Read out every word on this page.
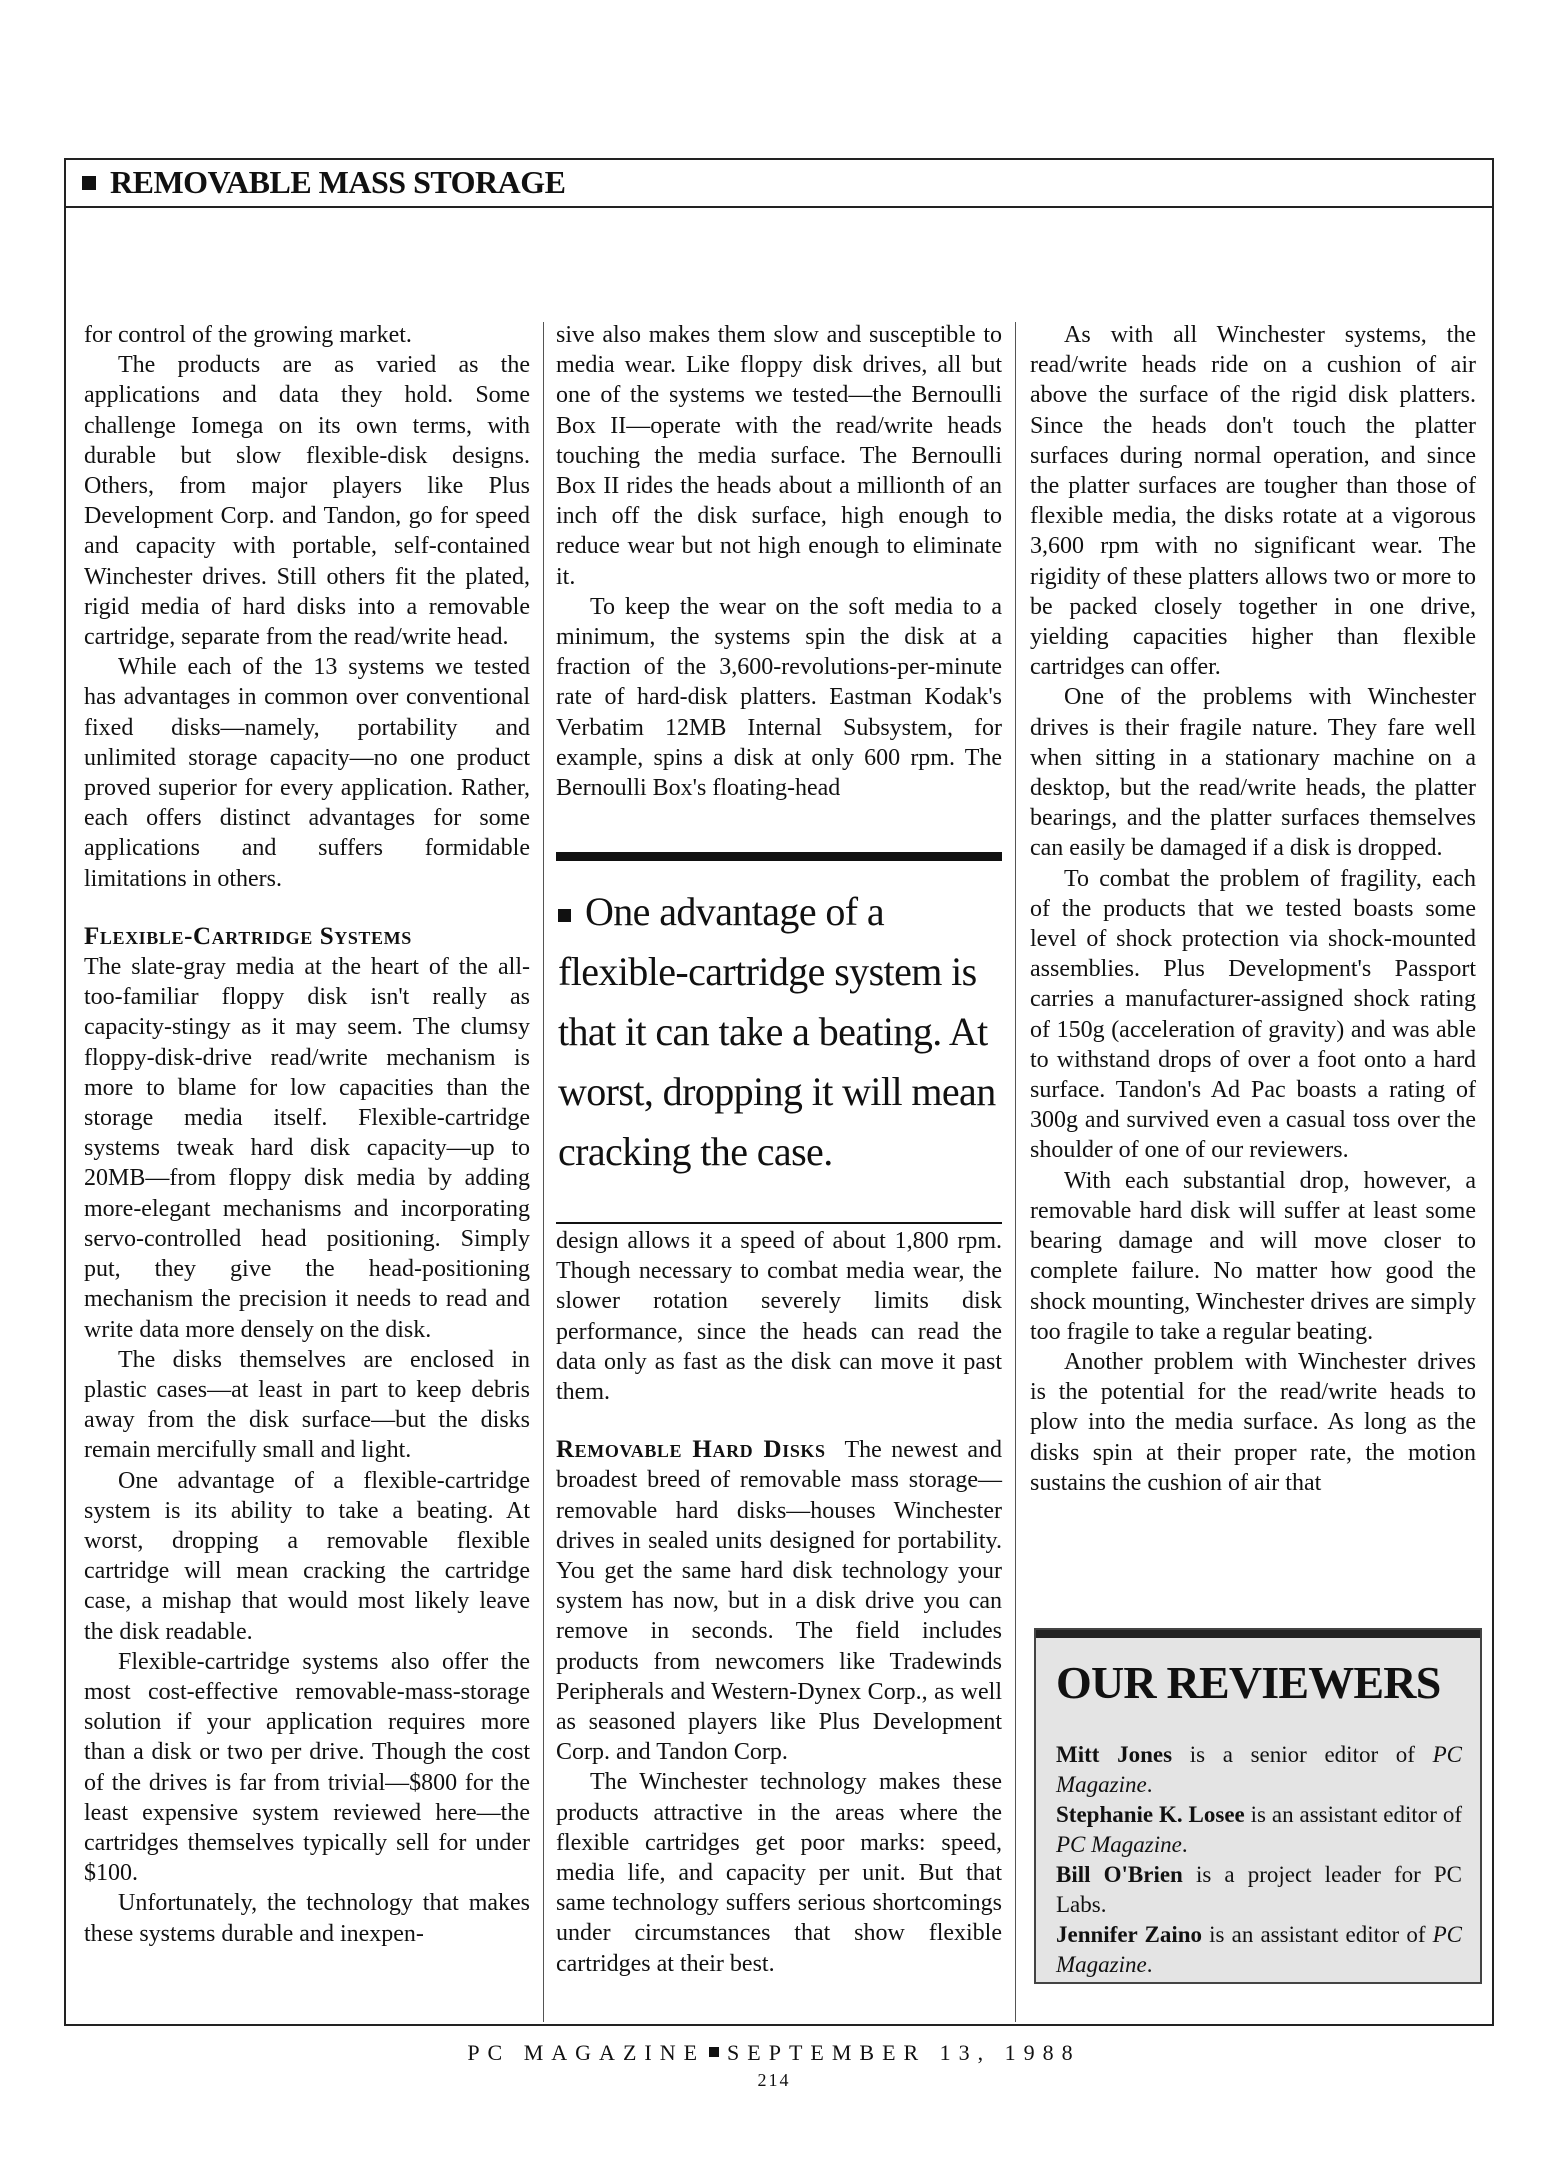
REMOVABLE MASS STORAGE

for control of the growing market.

The products are as varied as the applications and data they hold. Some challenge Iomega on its own terms, with durable but slow flexible-disk designs. Others, from major players like Plus Development Corp. and Tandon, go for speed and capacity with portable, self-contained Winchester drives. Still others fit the plated, rigid media of hard disks into a removable cartridge, separate from the read/write head.

While each of the 13 systems we tested has advantages in common over conventional fixed disks—namely, portability and unlimited storage capacity—no one product proved superior for every application. Rather, each offers distinct advantages for some applications and suffers formidable limitations in others.

Flexible-Cartridge Systems

The slate-gray media at the heart of the all-too-familiar floppy disk isn't really as capacity-stingy as it may seem. The clumsy floppy-disk-drive read/write mechanism is more to blame for low capacities than the storage media itself. Flexible-cartridge systems tweak hard disk capacity—up to 20MB—from floppy disk media by adding more-elegant mechanisms and incorporating servo-controlled head positioning. Simply put, they give the head-positioning mechanism the precision it needs to read and write data more densely on the disk.

The disks themselves are enclosed in plastic cases—at least in part to keep debris away from the disk surface—but the disks remain mercifully small and light.

One advantage of a flexible-cartridge system is its ability to take a beating. At worst, dropping a removable flexible cartridge will mean cracking the cartridge case, a mishap that would most likely leave the disk readable.

Flexible-cartridge systems also offer the most cost-effective removable-mass-storage solution if your application requires more than a disk or two per drive. Though the cost of the drives is far from trivial—$800 for the least expensive system reviewed here—the cartridges themselves typically sell for under $100.

Unfortunately, the technology that makes these systems durable and inexpen-

sive also makes them slow and susceptible to media wear. Like floppy disk drives, all but one of the systems we tested—the Bernoulli Box II—operate with the read/write heads touching the media surface. The Bernoulli Box II rides the heads about a millionth of an inch off the disk surface, high enough to reduce wear but not high enough to eliminate it.

To keep the wear on the soft media to a minimum, the systems spin the disk at a fraction of the 3,600-revolutions-per-minute rate of hard-disk platters. Eastman Kodak's Verbatim 12MB Internal Subsystem, for example, spins a disk at only 600 rpm. The Bernoulli Box's floating-head

One advantage of a flexible-cartridge system is that it can take a beating. At worst, dropping it will mean cracking the case.

design allows it a speed of about 1,800 rpm. Though necessary to combat media wear, the slower rotation severely limits disk performance, since the heads can read the data only as fast as the disk can move it past them.

Removable Hard Disks The newest and broadest breed of removable mass storage—removable hard disks—houses Winchester drives in sealed units designed for portability. You get the same hard disk technology your system has now, but in a disk drive you can remove in seconds. The field includes products from newcomers like Tradewinds Peripherals and Western-Dynex Corp., as well as seasoned players like Plus Development Corp. and Tandon Corp.

The Winchester technology makes these products attractive in the areas where the flexible cartridges get poor marks: speed, media life, and capacity per unit. But that same technology suffers serious shortcomings under circumstances that show flexible cartridges at their best.

As with all Winchester systems, the read/write heads ride on a cushion of air above the surface of the rigid disk platters. Since the heads don't touch the platter surfaces during normal operation, and since the platter surfaces are tougher than those of flexible media, the disks rotate at a vigorous 3,600 rpm with no significant wear. The rigidity of these platters allows two or more to be packed closely together in one drive, yielding capacities higher than flexible cartridges can offer.

One of the problems with Winchester drives is their fragile nature. They fare well when sitting in a stationary machine on a desktop, but the read/write heads, the platter bearings, and the platter surfaces themselves can easily be damaged if a disk is dropped.

To combat the problem of fragility, each of the products that we tested boasts some level of shock protection via shock-mounted assemblies. Plus Development's Passport carries a manufacturer-assigned shock rating of 150g (acceleration of gravity) and was able to withstand drops of over a foot onto a hard surface. Tandon's Ad Pac boasts a rating of 300g and survived even a casual toss over the shoulder of one of our reviewers.

With each substantial drop, however, a removable hard disk will suffer at least some bearing damage and will move closer to complete failure. No matter how good the shock mounting, Winchester drives are simply too fragile to take a regular beating.

Another problem with Winchester drives is the potential for the read/write heads to plow into the media surface. As long as the disks spin at their proper rate, the motion sustains the cushion of air that

OUR REVIEWERS

Mitt Jones is a senior editor of PC Magazine.

Stephanie K. Losee is an assistant editor of PC Magazine.

Bill O'Brien is a project leader for PC Labs.

Jennifer Zaino is an assistant editor of PC Magazine.

PC MAGAZINE SEPTEMBER 13, 1988
214
